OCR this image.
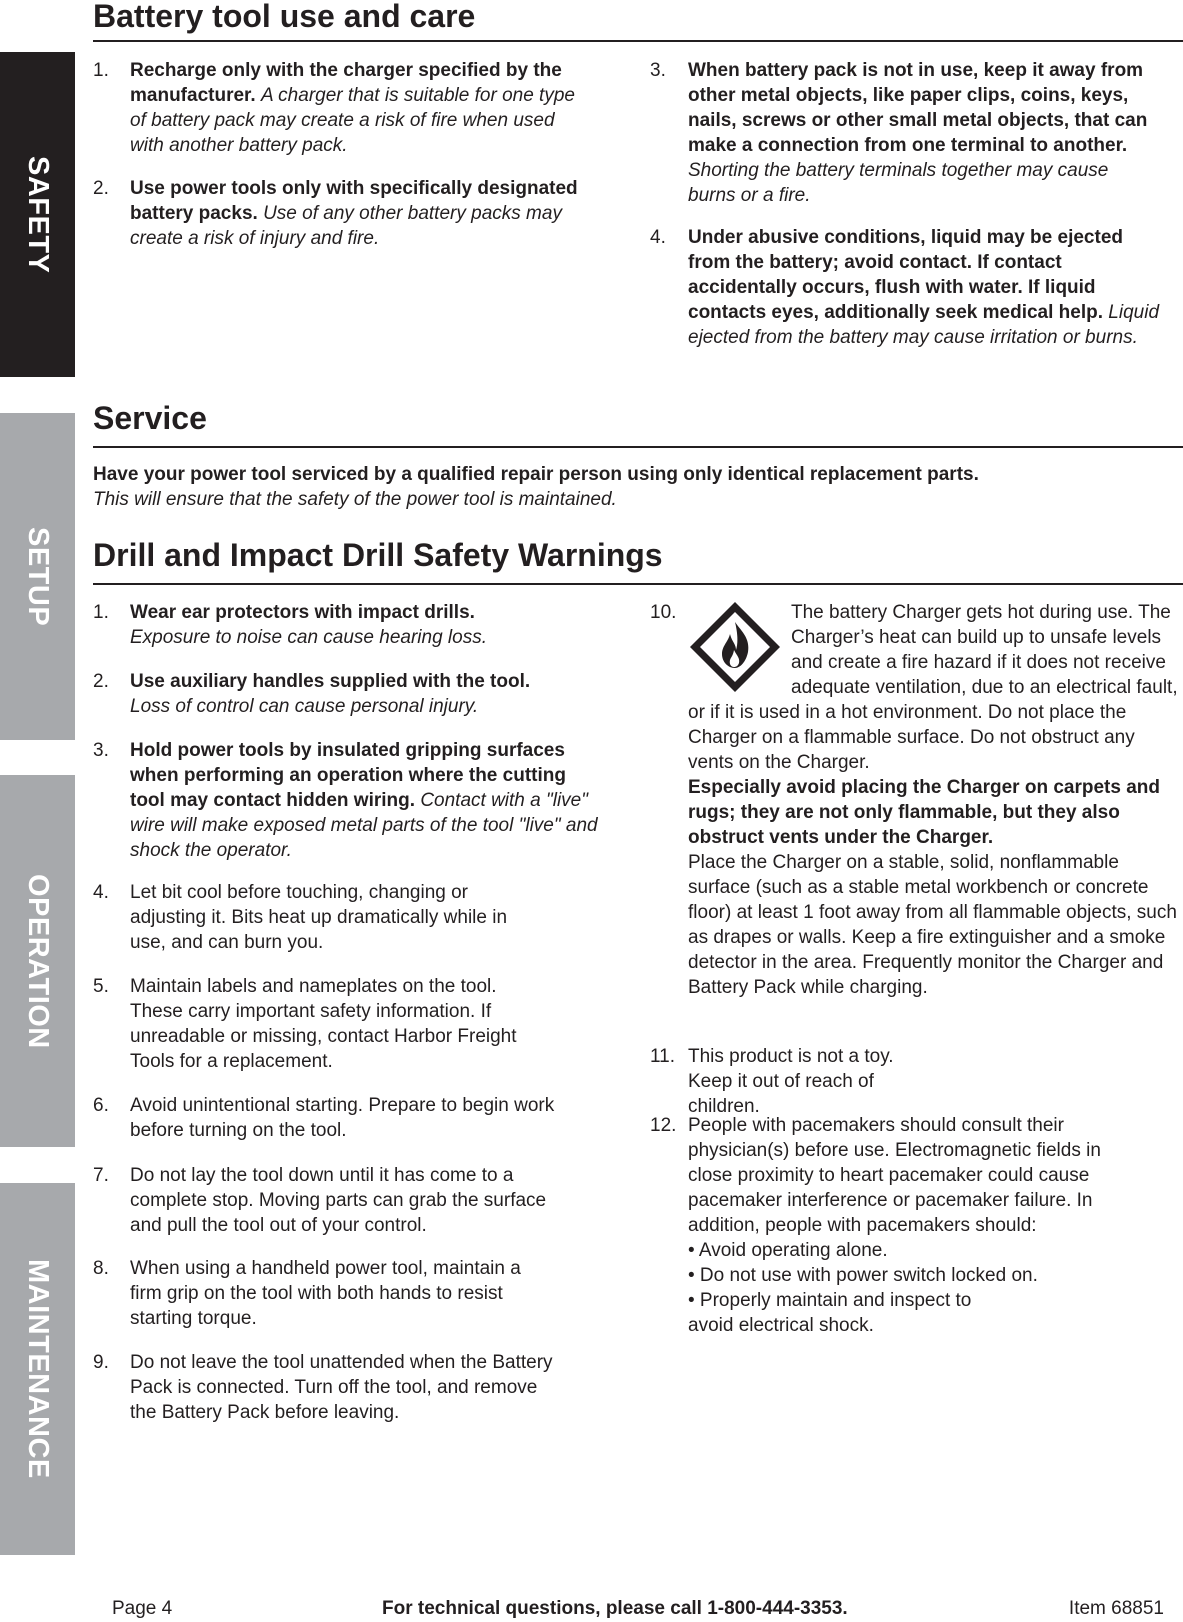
SAFETY
SETUP
OPERATION
MAINTENANCE
Battery tool use and care
1. Recharge only with the charger specified by the manufacturer. A charger that is suitable for one type of battery pack may create a risk of fire when used with another battery pack.
2. Use power tools only with specifically designated battery packs. Use of any other battery packs may create a risk of injury and fire.
3. When battery pack is not in use, keep it away from other metal objects, like paper clips, coins, keys, nails, screws or other small metal objects, that can make a connection from one terminal to another. Shorting the battery terminals together may cause burns or a fire.
4. Under abusive conditions, liquid may be ejected from the battery; avoid contact. If contact accidentally occurs, flush with water. If liquid contacts eyes, additionally seek medical help. Liquid ejected from the battery may cause irritation or burns.
Service
Have your power tool serviced by a qualified repair person using only identical replacement parts.
This will ensure that the safety of the power tool is maintained.
Drill and Impact Drill Safety Warnings
1. Wear ear protectors with impact drills.
Exposure to noise can cause hearing loss.
2. Use auxiliary handles supplied with the tool.
Loss of control can cause personal injury.
3. Hold power tools by insulated gripping surfaces when performing an operation where the cutting tool may contact hidden wiring. Contact with a "live" wire will make exposed metal parts of the tool "live" and shock the operator.
4. Let bit cool before touching, changing or adjusting it. Bits heat up dramatically while in use, and can burn you.
5. Maintain labels and nameplates on the tool. These carry important safety information. If unreadable or missing, contact Harbor Freight Tools for a replacement.
6. Avoid unintentional starting. Prepare to begin work before turning on the tool.
7. Do not lay the tool down until it has come to a complete stop. Moving parts can grab the surface and pull the tool out of your control.
8. When using a handheld power tool, maintain a firm grip on the tool with both hands to resist starting torque.
9. Do not leave the tool unattended when the Battery Pack is connected. Turn off the tool, and remove the Battery Pack before leaving.
10.	The battery Charger gets hot during use. The Charger’s heat can build up to unsafe levels and create a fire hazard if it does not receive adequate ventilation, due to an electrical fault, or if it is used in a hot environment. Do not place the Charger on a flammable surface. Do not obstruct any vents on the Charger.
Especially avoid placing the Charger on carpets and rugs; they are not only flammable, but they also obstruct vents under the Charger.
Place the Charger on a stable, solid, nonflammable surface (such as a stable metal workbench or concrete floor) at least 1 foot away from all flammable objects, such as drapes or walls. Keep a fire extinguisher and a smoke detector in the area. Frequently monitor the Charger and Battery Pack while charging.
11. This product is not a toy. Keep it out of reach of children.
12. People with pacemakers should consult their physician(s) before use. Electromagnetic fields in close proximity to heart pacemaker could cause pacemaker interference or pacemaker failure. In addition, people with pacemakers should:
• Avoid operating alone.
• Do not use with power switch locked on.
• Properly maintain and inspect to avoid electrical shock.
Page 4	For technical questions, please call 1-800-444-3353.	Item 68851
